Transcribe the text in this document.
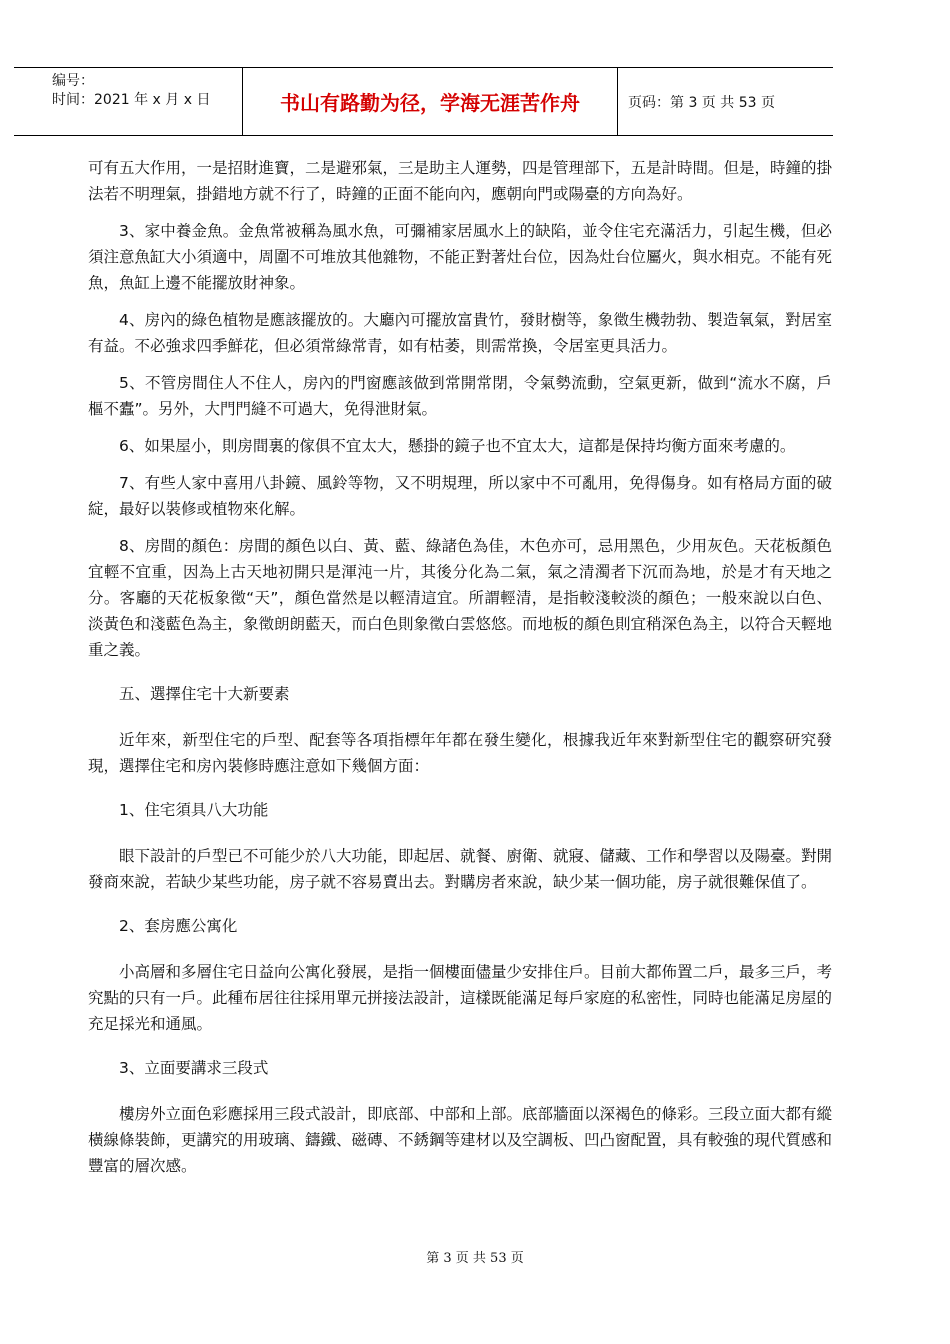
编号：
时间：2021 年 x 月 x 日	书山有路勤为径，学海无涯苦作舟	页码：第 3 页 共 53 页

可有五大作用，一是招財進寶，二是避邪氣，三是助主人運勢，四是管理部下，五是計時間。但是，時鐘的掛法若不明理氣，掛錯地方就不行了，時鐘的正面不能向內，應朝向門或陽臺的方向為好。

3、家中養金魚。金魚常被稱為風水魚，可彌補家居風水上的缺陷，並令住宅充滿活力，引起生機，但必須注意魚缸大小須適中，周圍不可堆放其他雜物，不能正對著灶台位，因為灶台位屬火，與水相克。不能有死魚，魚缸上邊不能擺放財神象。

4、房內的綠色植物是應該擺放的。大廳內可擺放富貴竹，發財樹等，象徵生機勃勃、製造氧氣，對居室有益。不必強求四季鮮花，但必須常綠常青，如有枯萎，則需常換，令居室更具活力。

5、不管房間住人不住人，房內的門窗應該做到常開常閉，令氣勢流動，空氣更新，做到“流水不腐，戶樞不蠹”。另外，大門門縫不可過大，免得泄財氣。

6、如果屋小，則房間裏的傢俱不宜太大，懸掛的鏡子也不宜太大，這都是保持均衡方面來考慮的。

7、有些人家中喜用八卦鏡、風鈴等物，又不明規理，所以家中不可亂用，免得傷身。如有格局方面的破綻，最好以裝修或植物來化解。

8、房間的顏色：房間的顏色以白、黃、藍、綠諸色為佳，木色亦可，忌用黑色，少用灰色。天花板顏色宜輕不宜重，因為上古天地初開只是渾沌一片，其後分化為二氣，氣之清濁者下沉而為地，於是才有天地之分。客廳的天花板象徵“天”，顏色當然是以輕清這宜。所謂輕清，是指較淺較淡的顏色；一般來說以白色、淡黃色和淺藍色為主，象徵朗朗藍天，而白色則象徵白雲悠悠。而地板的顏色則宜稍深色為主，以符合天輕地重之義。

五、選擇住宅十大新要素

近年來，新型住宅的戶型、配套等各項指標年年都在發生變化，根據我近年來對新型住宅的觀察研究發現，選擇住宅和房內裝修時應注意如下幾個方面：

1、住宅須具八大功能

眼下設計的戶型已不可能少於八大功能，即起居、就餐、廚衛、就寢、儲藏、工作和學習以及陽臺。對開發商來說，若缺少某些功能，房子就不容易賣出去。對購房者來說，缺少某一個功能，房子就很難保值了。

2、套房應公寓化

小高層和多層住宅日益向公寓化發展，是指一個樓面儘量少安排住戶。目前大都佈置二戶，最多三戶，考究點的只有一戶。此種布居往往採用單元拼接法設計，這樣既能滿足每戶家庭的私密性，同時也能滿足房屋的充足採光和通風。

3、立面要講求三段式

樓房外立面色彩應採用三段式設計，即底部、中部和上部。底部牆面以深褐色的條彩。三段立面大都有縱橫線條裝飾，更講究的用玻璃、鑄鐵、磁磚、不銹鋼等建材以及空調板、凹凸窗配置，具有較強的現代質感和豐富的層次感。

第 3 页 共 53 页
